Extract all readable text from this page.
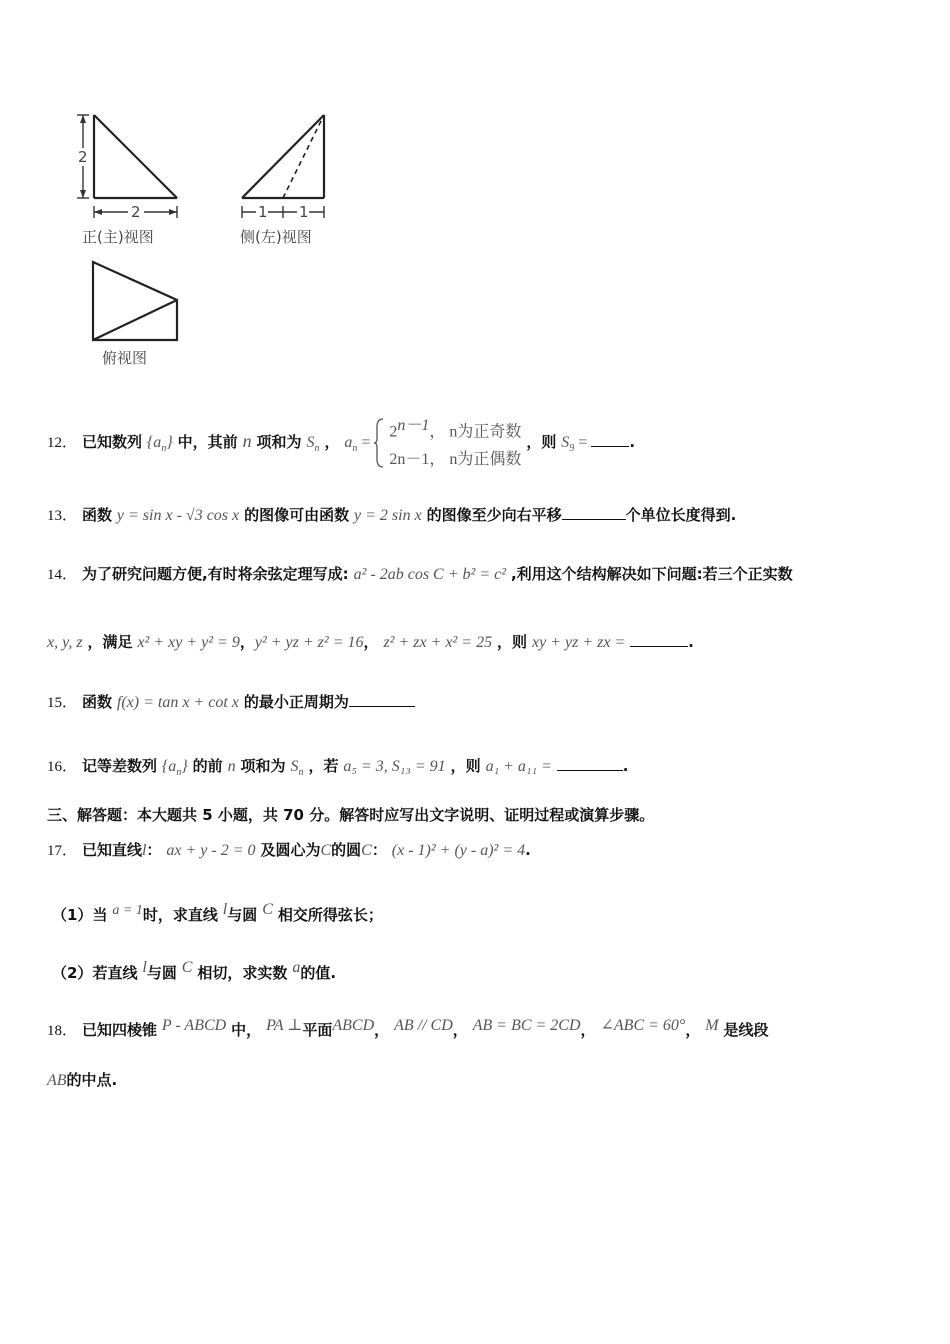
2
2
正(主)视图
1 1
侧(左)视图
俯视图
12． 已知数列 $\{a_n\}$ 中，其前 n 项和为 $S_n$ ， $a_n$ =
$2^{n-1}$， n为正奇数
2n－1， n为正偶数
，则 $S_9$ =	.
13． 函数 y = sin x - √3 cos x 的图像可由函数 y = 2 sin x 的图像至少向右平移	个单位长度得到.
14． 为了研究问题方便,有时将余弦定理写成: a² - 2ab cos C + b² = c² ,利用这个结构解决如下问题:若三个正实数
x, y, z ，满足 x² + xy + y² = 9，y² + yz + z² = 16， z² + zx + x² = 25 ，则 xy + yz + zx =	.
15． 函数 f(x) = tan x + cot x 的最小正周期为
16． 记等差数列 $\{a_n\}$ 的前 n 项和为 $S_n$ ，若 a₅ = 3, S₁₃ = 91 ，则 a₁ + a₁₁ =	.
三、解答题：本大题共 5 小题，共 70 分。解答时应写出文字说明、证明过程或演算步骤。
17． 已知直线l： ax + y - 2 = 0 及圆心为C的圆C： (x - 1)² + (y - a)² = 4.
（1）当 a = 1时，求直线 l与圆 C 相交所得弦长；
（2）若直线 l与圆 C 相切，求实数 a的值.
18． 已知四棱锥 P - ABCD 中， PA ⊥平面ABCD， AB // CD， AB = BC = 2CD， ∠ABC = 60°， M 是线段
AB的中点.
